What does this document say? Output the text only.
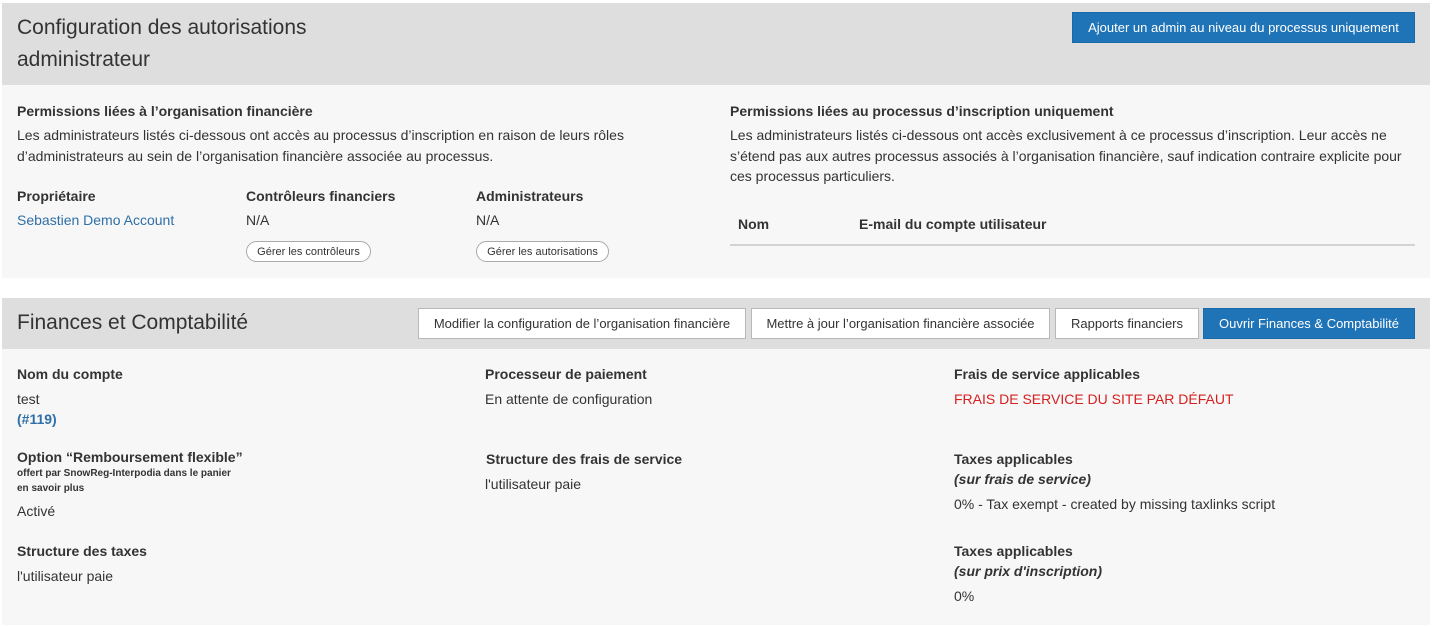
Configuration des autorisations
administrateur
Ajouter un admin au niveau du processus uniquement
Permissions liées à l’organisation financière
Les administrateurs listés ci-dessous ont accès au processus d’inscription en raison de leurs rôles
d’administrateurs au sein de l’organisation financière associée au processus.
Propriétaire
Sebastien Demo Account
Contrôleurs financiers
N/A
Gérer les contrôleurs
Administrateurs
N/A
Gérer les autorisations
Permissions liées au processus d’inscription uniquement
Les administrateurs listés ci-dessous ont accès exclusivement à ce processus d’inscription. Leur accès ne
s’étend pas aux autres processus associés à l’organisation financière, sauf indication contraire explicite pour
ces processus particuliers.
Nom	E-mail du compte utilisateur
Finances et Comptabilité	Modifier la configuration de l’organisation financière	Mettre à jour l’organisation financière associée	Rapports financiers	Ouvrir Finances & Comptabilité
Nom du compte
test
(#119)
Option “Remboursement flexible”
offert par SnowReg-Interpodia dans le panier
en savoir plus
Activé
Structure des taxes
l'utilisateur paie
Processeur de paiement
En attente de configuration
Structure des frais de service
l'utilisateur paie
Frais de service applicables
FRAIS DE SERVICE DU SITE PAR DÉFAUT
Taxes applicables
(sur frais de service)
0% - Tax exempt - created by missing taxlinks script
Taxes applicables
(sur prix d'inscription)
0%
